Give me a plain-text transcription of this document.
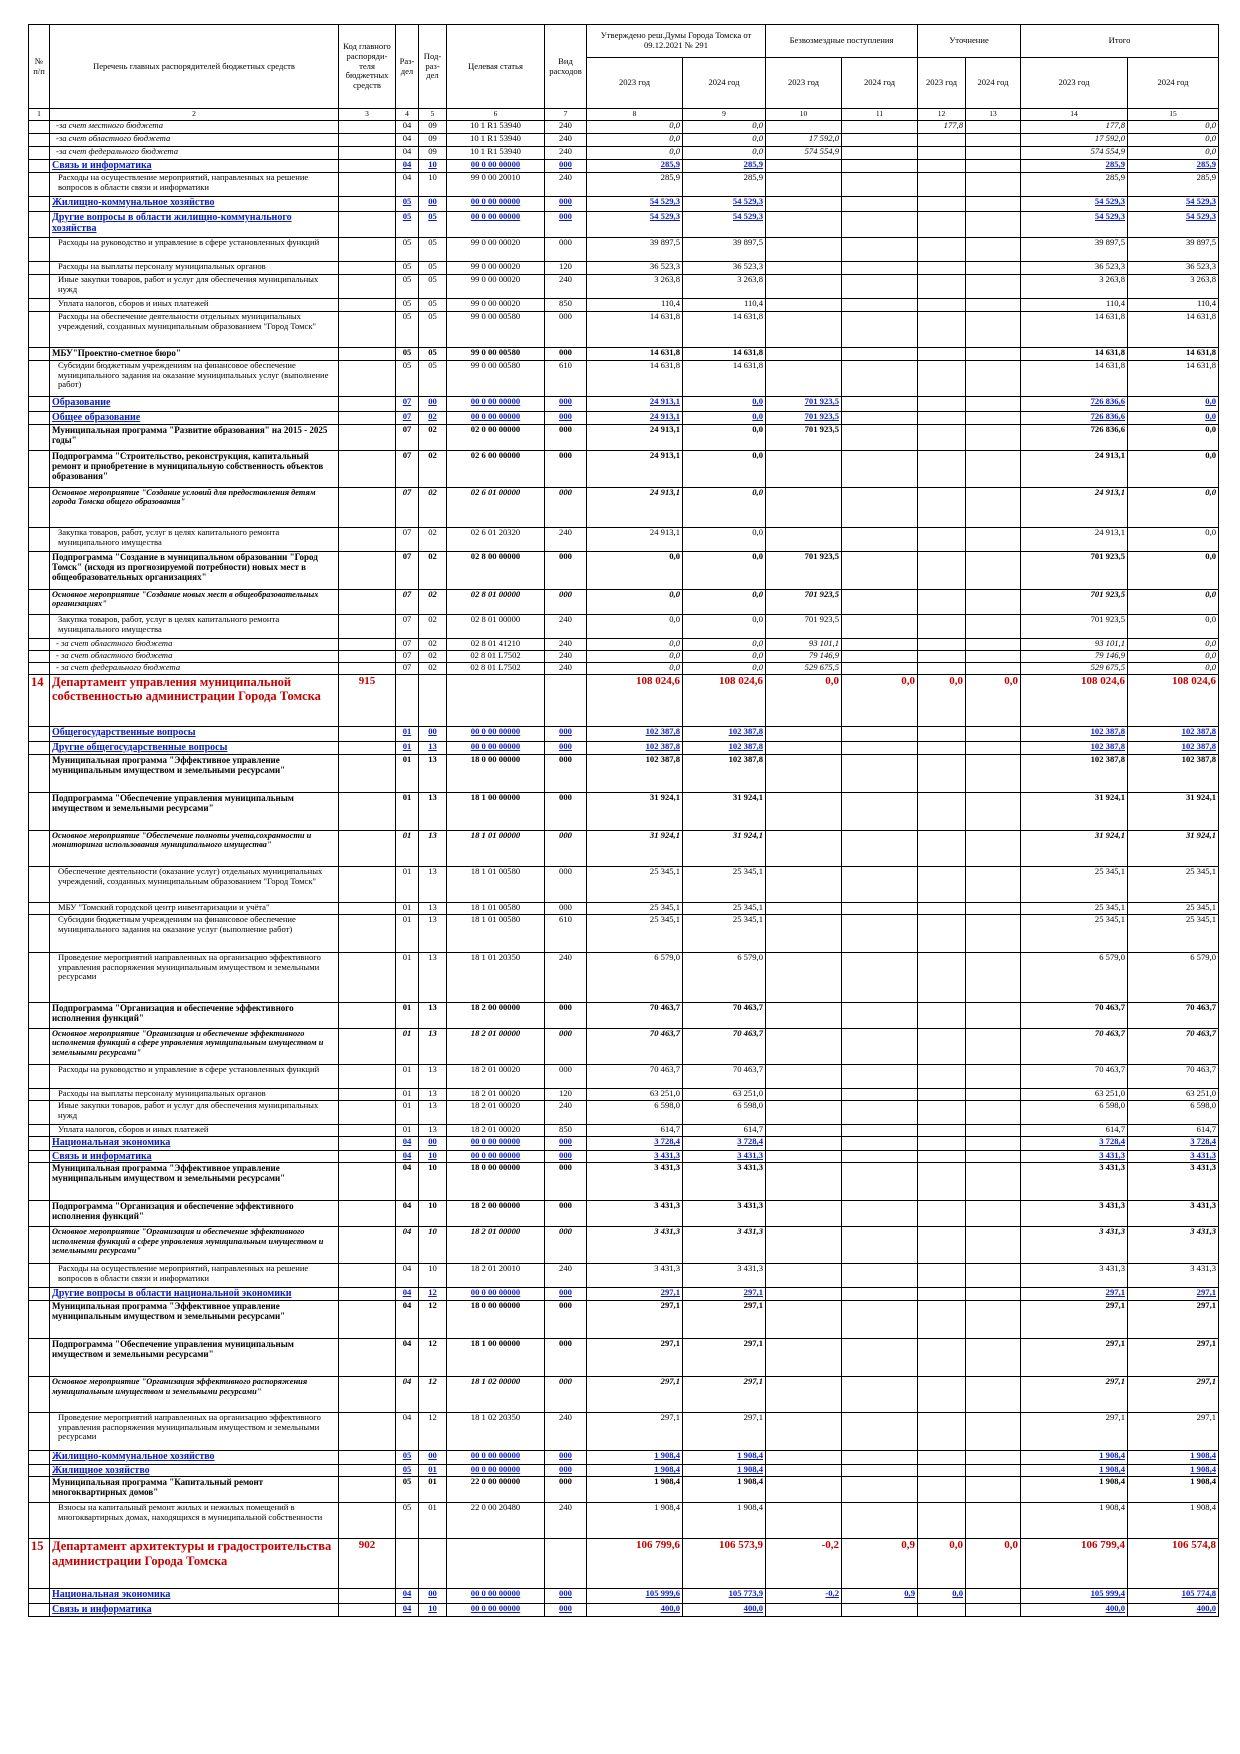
№ п/п	Перечень главных распорядителей бюджетных средств	Код главного распоряди-теля бюджетных средств	Раз-дел	Под-раз-дел	Целевая статья	Вид расходов	Утверждено реш.Думы Города Томска от 09.12.2021 № 291		Безвозмездные поступления		Уточнение		Итого	
							2023 год	2024 год	2023 год	2024 год	2023 год	2024 год	2023 год	2024 год

1	2	3	4	5	6	7	8	9	10	11	12	13	14	15
	-за счет местного бюджета		04	09	10 1 R1 53940	240	0,0	0,0			177,8		177,8	0,0
	-за счет областного бюджета		04	09	10 1 R1 53940	240	0,0	0,0	17 592,0				17 592,0	0,0
	-за счет федерального бюджета		04	09	10 1 R1 53940	240	0,0	0,0	574 554,9				574 554,9	0,0
	Связь и информатика		04	10	00 0 00 00000	000	285,9	285,9					285,9	285,9
	Расходы на осуществление мероприятий, направленных на решение вопросов в области связи и информатики		04	10	99 0 00 20010	240	285,9	285,9					285,9	285,9
	Жилищно-коммунальное хозяйство		05	00	00 0 00 00000	000	54 529,3	54 529,3					54 529,3	54 529,3
	Другие вопросы в области жилищно-коммунального хозяйства		05	05	00 0 00 00000	000	54 529,3	54 529,3					54 529,3	54 529,3
	Расходы на руководство и управление в сфере установленных функций		05	05	99 0 00 00020	000	39 897,5	39 897,5					39 897,5	39 897,5
	Расходы на выплаты персоналу муниципальных органов		05	05	99 0 00 00020	120	36 523,3	36 523,3					36 523,3	36 523,3
	Иные закупки товаров, работ и услуг для обеспечения муниципальных нужд		05	05	99 0 00 00020	240	3 263,8	3 263,8					3 263,8	3 263,8
	Уплата налогов, сборов и иных платежей		05	05	99 0 00 00020	850	110,4	110,4					110,4	110,4
	Расходы на обеспечение деятельности отдельных муниципальных учреждений, созданных муниципальным образованием "Город Томск"		05	05	99 0 00 00580	000	14 631,8	14 631,8					14 631,8	14 631,8
	МБУ"Проектно-сметное бюро"		05	05	99 0 00 00580	000	14 631,8	14 631,8					14 631,8	14 631,8
	Субсидии бюджетным учреждениям на финансовое обеспечение муниципального задания на оказание муниципальных услуг (выполнение работ)		05	05	99 0 00 00580	610	14 631,8	14 631,8					14 631,8	14 631,8
	Образование		07	00	00 0 00 00000	000	24 913,1	0,0	701 923,5				726 836,6	0,0
	Общее образование		07	02	00 0 00 00000	000	24 913,1	0,0	701 923,5				726 836,6	0,0
	Муниципальная программа "Развитие образования" на 2015 - 2025 годы"		07	02	02 0 00 00000	000	24 913,1	0,0	701 923,5				726 836,6	0,0
	Подпрограмма "Строительство, реконструкция, капитальный ремонт и приобретение в муниципальную собственность объектов образования"		07	02	02 6 00 00000	000	24 913,1	0,0					24 913,1	0,0
	Основное мероприятие "Создание условий для предоставления детям города Томска общего образования"		07	02	02 6 01 00000	000	24 913,1	0,0					24 913,1	0,0
	Закупка товаров, работ, услуг в целях капитального ремонта муниципального имущества		07	02	02 6 01 20320	240	24 913,1	0,0					24 913,1	0,0
	Подпрограмма "Создание в муниципальном образовании "Город Томск" (исходя из прогнозируемой потребности) новых мест в общеобразовательных организациях"		07	02	02 8 00 00000	000	0,0	0,0	701 923,5				701 923,5	0,0
	Основное мероприятие "Создание новых мест в общеобразовательных организациях"		07	02	02 8 01 00000	000	0,0	0,0	701 923,5				701 923,5	0,0
	Закупка товаров, работ, услуг в целях капитального ремонта муниципального имущества		07	02	02 8 01 00000	240	0,0	0,0	701 923,5				701 923,5	0,0
	- за счет областного бюджета		07	02	02 8 01 41210	240	0,0	0,0	93 101,1				93 101,1	0,0
	- за счет областного бюджета		07	02	02 8 01 L7502	240	0,0	0,0	79 146,9				79 146,9	0,0
	- за счет федерального бюджета		07	02	02 8 01 L7502	240	0,0	0,0	529 675,5				529 675,5	0,0
14	Департамент управления муниципальной собственностью администрации Города Томска	915					108 024,6	108 024,6	0,0	0,0	0,0	0,0	108 024,6	108 024,6
	Общегосударственные вопросы		01	00	00 0 00 00000	000	102 387,8	102 387,8					102 387,8	102 387,8
	Другие общегосударственные вопросы		01	13	00 0 00 00000	000	102 387,8	102 387,8					102 387,8	102 387,8
	Муниципальная программа "Эффективное управление муниципальным имуществом и земельными ресурсами"		01	13	18 0 00 00000	000	102 387,8	102 387,8					102 387,8	102 387,8
	Подпрограмма "Обеспечение управления муниципальным имуществом и земельными ресурсами"		01	13	18 1 00 00000	000	31 924,1	31 924,1					31 924,1	31 924,1
	Основное мероприятие "Обеспечение полноты учета,сохранности и мониторинга использования муниципального имущества"		01	13	18 1 01 00000	000	31 924,1	31 924,1					31 924,1	31 924,1
	Обеспечение деятельности (оказание услуг) отдельных муниципальных учреждений, созданных муниципальным образованием "Город Томск"		01	13	18 1 01 00580	000	25 345,1	25 345,1					25 345,1	25 345,1
	МБУ "Томский городской центр инвентаризации и учёта"		01	13	18 1 01 00580	000	25 345,1	25 345,1					25 345,1	25 345,1
	Субсидии бюджетным учреждениям на финансовое обеспечение муниципального задания на оказание услуг (выполнение работ)		01	13	18 1 01 00580	610	25 345,1	25 345,1					25 345,1	25 345,1
	Проведение мероприятий направленных на организацию эффективного управления распоряжения муниципальным имуществом и земельными ресурсами		01	13	18 1 01 20350	240	6 579,0	6 579,0					6 579,0	6 579,0
	Подпрограмма "Организация и обеспечение эффективного исполнения функций"		01	13	18 2 00 00000	000	70 463,7	70 463,7					70 463,7	70 463,7
	Основное мероприятие "Организация и обеспечение эффективного исполнения функций в сфере управления муниципальным имуществом и земельными ресурсами"		01	13	18 2 01 00000	000	70 463,7	70 463,7					70 463,7	70 463,7
	Расходы на руководство и управление в сфере установленных функций		01	13	18 2 01 00020	000	70 463,7	70 463,7					70 463,7	70 463,7
	Расходы на выплаты персоналу муниципальных органов		01	13	18 2 01 00020	120	63 251,0	63 251,0					63 251,0	63 251,0
	Иные закупки товаров, работ и услуг для обеспечения муниципальных нужд		01	13	18 2 01 00020	240	6 598,0	6 598,0					6 598,0	6 598,0
	Уплата налогов, сборов и иных платежей		01	13	18 2 01 00020	850	614,7	614,7					614,7	614,7
	Национальная экономика		04	00	00 0 00 00000	000	3 728,4	3 728,4					3 728,4	3 728,4
	Связь и информатика		04	10	00 0 00 00000	000	3 431,3	3 431,3					3 431,3	3 431,3
	Муниципальная программа "Эффективное управление муниципальным имуществом и земельными ресурсами"		04	10	18 0 00 00000	000	3 431,3	3 431,3					3 431,3	3 431,3
	Подпрограмма "Организация и обеспечение эффективного исполнения функций"		04	10	18 2 00 00000	000	3 431,3	3 431,3					3 431,3	3 431,3
	Основное мероприятие "Организация и обеспечение эффективного исполнения функций в сфере управления муниципальным имуществом и земельными ресурсами"		04	10	18 2 01 00000	000	3 431,3	3 431,3					3 431,3	3 431,3
	Расходы на осуществление мероприятий, направленных на решение вопросов в области связи и информатики		04	10	18 2 01 20010	240	3 431,3	3 431,3					3 431,3	3 431,3
	Другие вопросы в области национальной экономики		04	12	00 0 00 00000	000	297,1	297,1					297,1	297,1
	Муниципальная программа "Эффективное управление муниципальным имуществом и земельными ресурсами"		04	12	18 0 00 00000	000	297,1	297,1					297,1	297,1
	Подпрограмма "Обеспечение управления муниципальным имуществом и земельными ресурсами"		04	12	18 1 00 00000	000	297,1	297,1					297,1	297,1
	Основное мероприятие "Организация эффективного распоряжения муниципальным имуществом и земельными ресурсами"		04	12	18 1 02 00000	000	297,1	297,1					297,1	297,1
	Проведение мероприятий направленных на организацию эффективного управления распоряжения муниципальным имуществом и земельными ресурсами		04	12	18 1 02 20350	240	297,1	297,1					297,1	297,1
	Жилищно-коммунальное хозяйство		05	00	00 0 00 00000	000	1 908,4	1 908,4					1 908,4	1 908,4
	Жилищное хозяйство		05	01	00 0 00 00000	000	1 908,4	1 908,4					1 908,4	1 908,4
	Муниципальная программа "Капитальный ремонт многоквартирных домов"		05	01	22 0 00 00000	000	1 908,4	1 908,4					1 908,4	1 908,4
	Взносы на капитальный ремонт жилых и нежилых помещений в многоквартирных домах, находящихся в муниципальной собственности		05	01	22 0 00 20480	240	1 908,4	1 908,4					1 908,4	1 908,4
15	Департамент архитектуры и градостроительства администрации Города Томска	902					106 799,6	106 573,9	-0,2	0,9	0,0	0,0	106 799,4	106 574,8
	Национальная экономика		04	00	00 0 00 00000	000	105 999,6	105 773,9	-0,2	0,9	0,0		105 999,4	105 774,8
	Связь и информатика		04	10	00 0 00 00000	000	400,0	400,0					400,0	400,0
